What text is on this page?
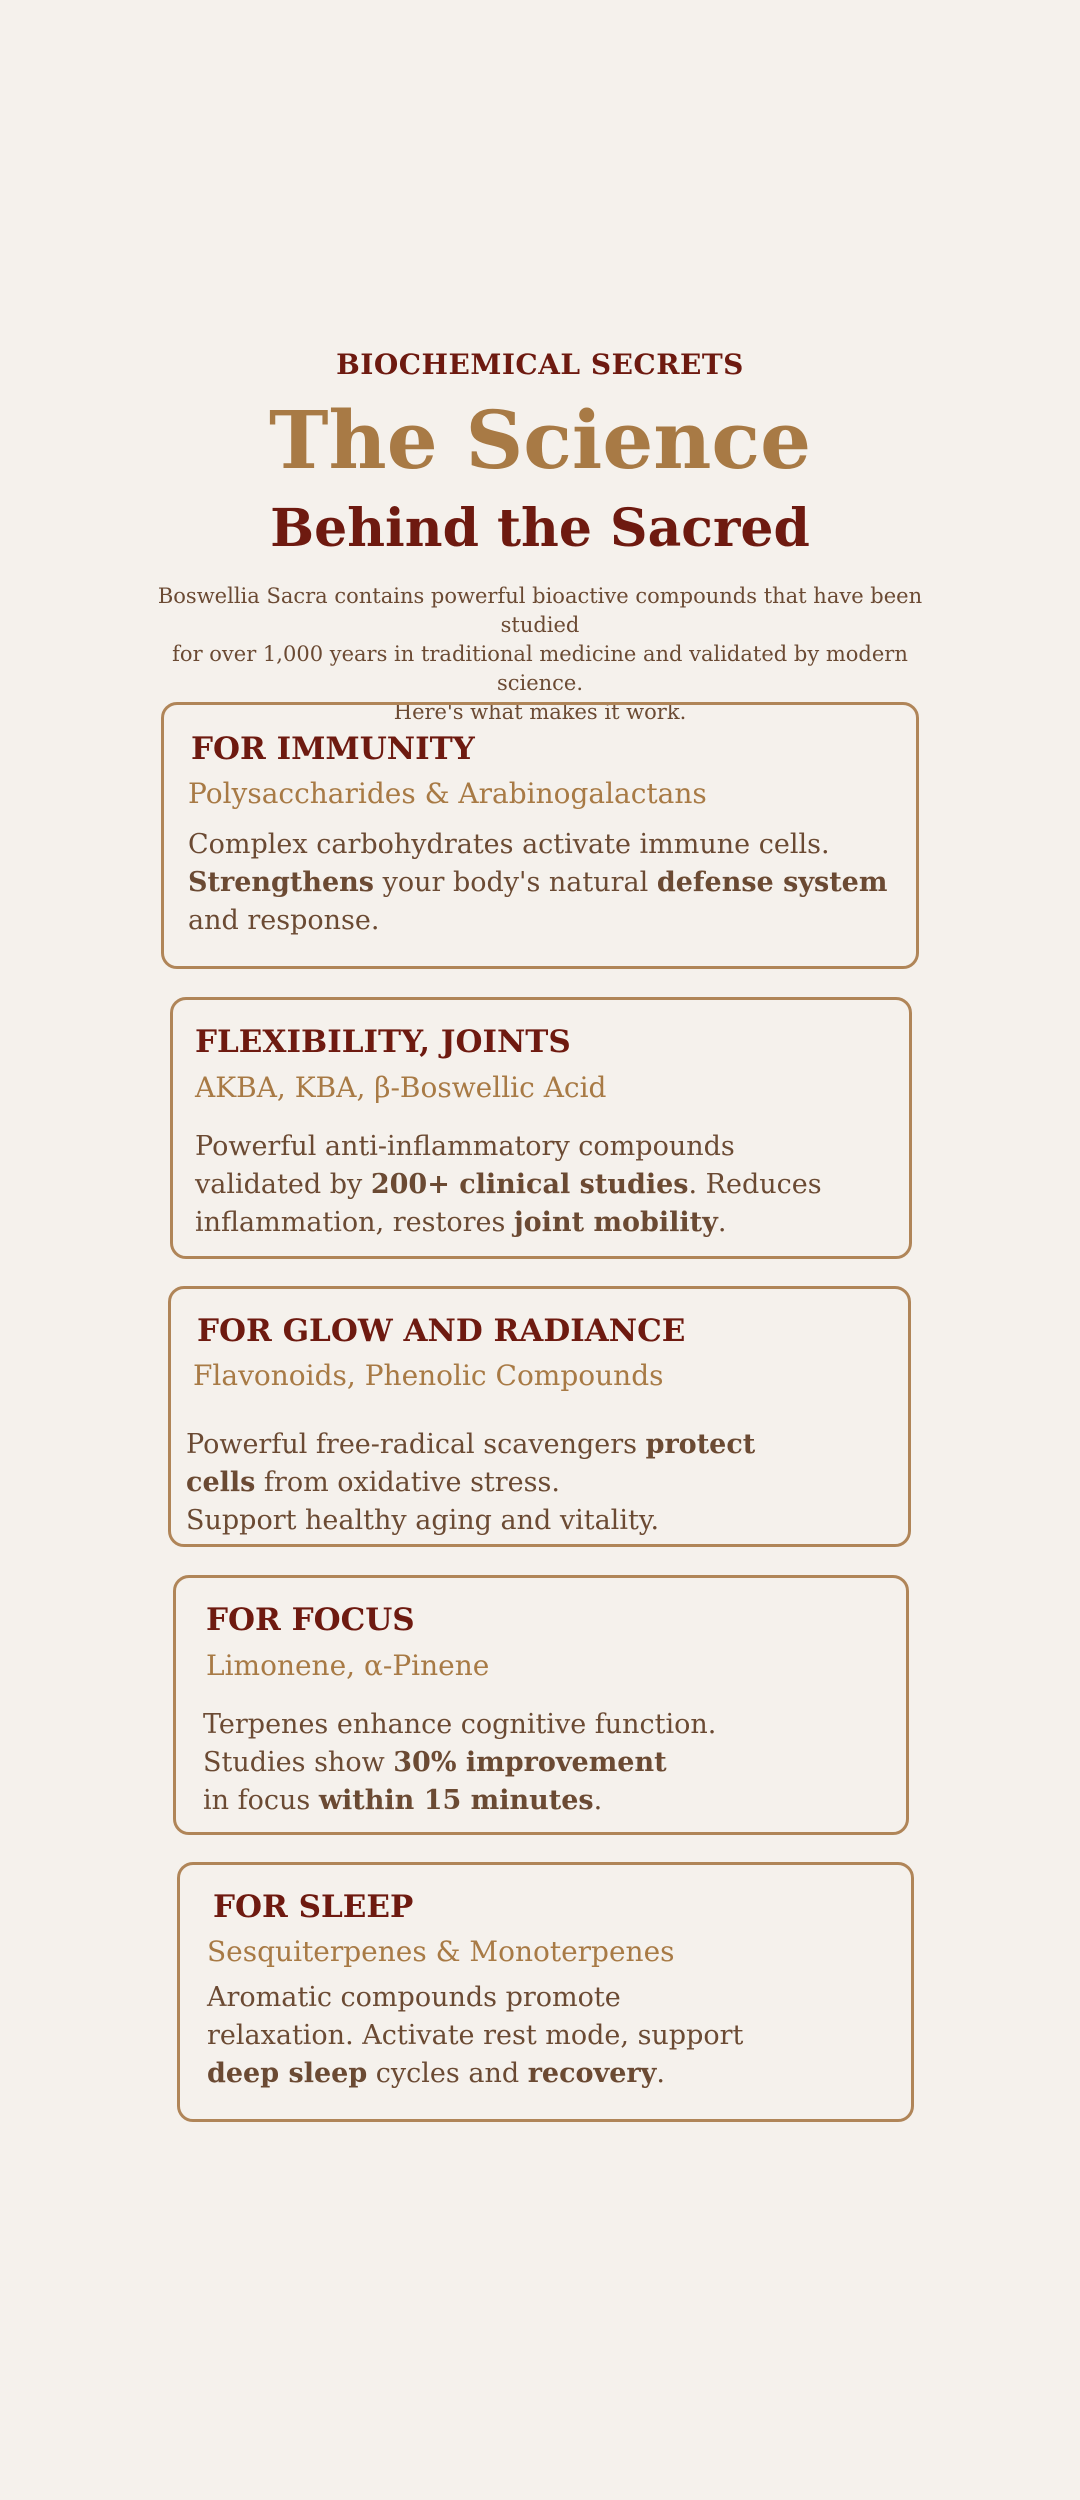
BIOCHEMICAL SECRETS
The Science
Behind the Sacred
Boswellia Sacra contains powerful bioactive compounds that have been studied
for over 1,000 years in traditional medicine and validated by modern science.
Here's what makes it work.
FOR IMMUNITY
Polysaccharides & Arabinogalactans
Complex carbohydrates activate immune cells.
Strengthens your body's natural defense system
and response.
FLEXIBILITY, JOINTS
AKBA, KBA, β-Boswellic Acid
Powerful anti-inflammatory compounds
validated by 200+ clinical studies. Reduces
inflammation, restores joint mobility.
FOR GLOW AND RADIANCE
Flavonoids, Phenolic Compounds
Powerful free-radical scavengers protect
cells from oxidative stress.
Support healthy aging and vitality.
FOR FOCUS
Limonene, α-Pinene
Terpenes enhance cognitive function.
Studies show 30% improvement
in focus within 15 minutes.
FOR SLEEP
Sesquiterpenes & Monoterpenes
Aromatic compounds promote
relaxation. Activate rest mode, support
deep sleep cycles and recovery.
